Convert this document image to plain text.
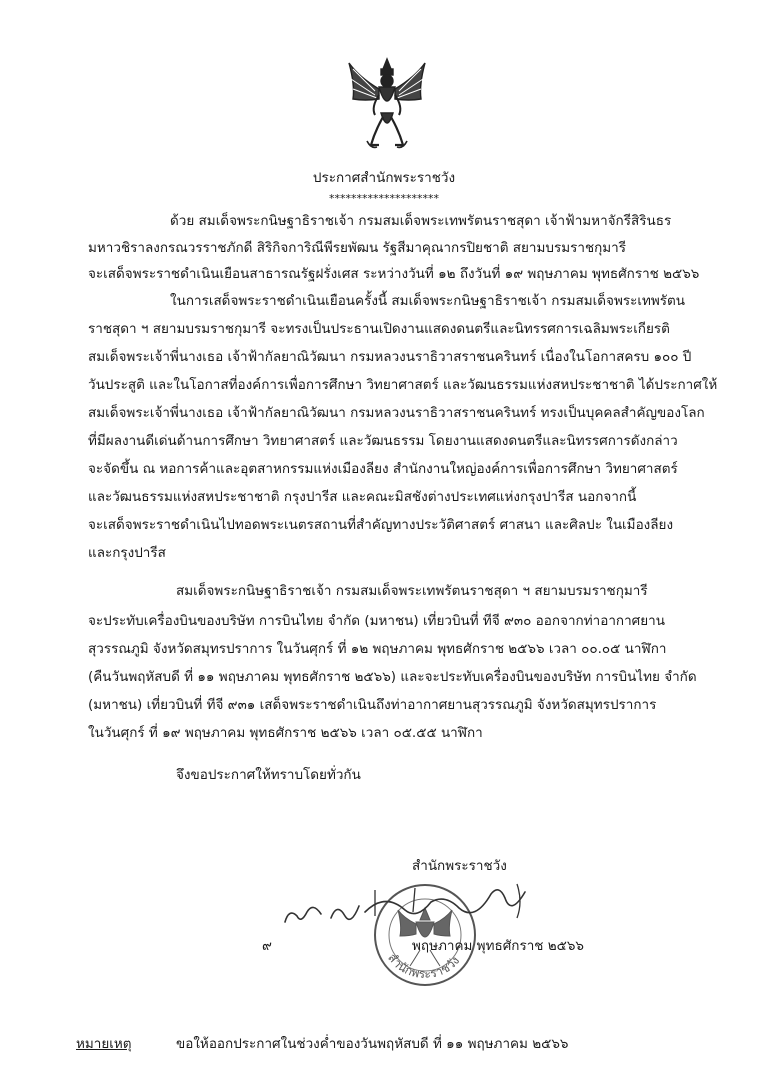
ประกาศสำนักพระราชวัง
********************
ด้วย สมเด็จพระกนิษฐาธิราชเจ้า กรมสมเด็จพระเทพรัตนราชสุดา เจ้าฟ้ามหาจักรีสิรินธร
มหาวชิราลงกรณวรราชภักดี สิริกิจการิณีพีรยพัฒน รัฐสีมาคุณากรปิยชาติ สยามบรมราชกุมารี
จะเสด็จพระราชดำเนินเยือนสาธารณรัฐฝรั่งเศส ระหว่างวันที่ ๑๒ ถึงวันที่ ๑๙ พฤษภาคม พุทธศักราช ๒๕๖๖
ในการเสด็จพระราชดำเนินเยือนครั้งนี้ สมเด็จพระกนิษฐาธิราชเจ้า กรมสมเด็จพระเทพรัตน
ราชสุดา ฯ สยามบรมราชกุมารี จะทรงเป็นประธานเปิดงานแสดงดนตรีและนิทรรศการเฉลิมพระเกียรติ
สมเด็จพระเจ้าพี่นางเธอ เจ้าฟ้ากัลยาณิวัฒนา กรมหลวงนราธิวาสราชนครินทร์ เนื่องในโอกาสครบ ๑๐๐ ปี
วันประสูติ และในโอกาสที่องค์การเพื่อการศึกษา วิทยาศาสตร์ และวัฒนธรรมแห่งสหประชาชาติ ได้ประกาศให้
สมเด็จพระเจ้าพี่นางเธอ เจ้าฟ้ากัลยาณิวัฒนา กรมหลวงนราธิวาสราชนครินทร์ ทรงเป็นบุคคลสำคัญของโลก
ที่มีผลงานดีเด่นด้านการศึกษา วิทยาศาสตร์ และวัฒนธรรม โดยงานแสดงดนตรีและนิทรรศการดังกล่าว
จะจัดขึ้น ณ หอการค้าและอุตสาหกรรมแห่งเมืองลียง สำนักงานใหญ่องค์การเพื่อการศึกษา วิทยาศาสตร์
และวัฒนธรรมแห่งสหประชาชาติ กรุงปารีส และคณะมิสชังต่างประเทศแห่งกรุงปารีส นอกจากนี้
จะเสด็จพระราชดำเนินไปทอดพระเนตรสถานที่สำคัญทางประวัติศาสตร์ ศาสนา และศิลปะ ในเมืองลียง
และกรุงปารีส
สมเด็จพระกนิษฐาธิราชเจ้า กรมสมเด็จพระเทพรัตนราชสุดา ฯ สยามบรมราชกุมารี
จะประทับเครื่องบินของบริษัท การบินไทย จำกัด (มหาชน) เที่ยวบินที่ ทีจี ๙๓๐ ออกจากท่าอากาศยาน
สุวรรณภูมิ จังหวัดสมุทรปราการ ในวันศุกร์ ที่ ๑๒ พฤษภาคม พุทธศักราช ๒๕๖๖ เวลา ๐๐.๐๕ นาฬิกา
(คืนวันพฤหัสบดี ที่ ๑๑ พฤษภาคม พุทธศักราช ๒๕๖๖) และจะประทับเครื่องบินของบริษัท การบินไทย จำกัด
(มหาชน) เที่ยวบินที่ ทีจี ๙๓๑ เสด็จพระราชดำเนินถึงท่าอากาศยานสุวรรณภูมิ จังหวัดสมุทรปราการ
ในวันศุกร์ ที่ ๑๙ พฤษภาคม พุทธศักราช ๒๕๖๖ เวลา ๐๕.๕๕ นาฬิกา
จึงขอประกาศให้ทราบโดยทั่วกัน
สำนักพระราชวัง
สำนักพระราชวัง
๙	พฤษภาคม พุทธศักราช ๒๕๖๖
หมายเหตุ	ขอให้ออกประกาศในช่วงค่ำของวันพฤหัสบดี ที่ ๑๑ พฤษภาคม ๒๕๖๖
